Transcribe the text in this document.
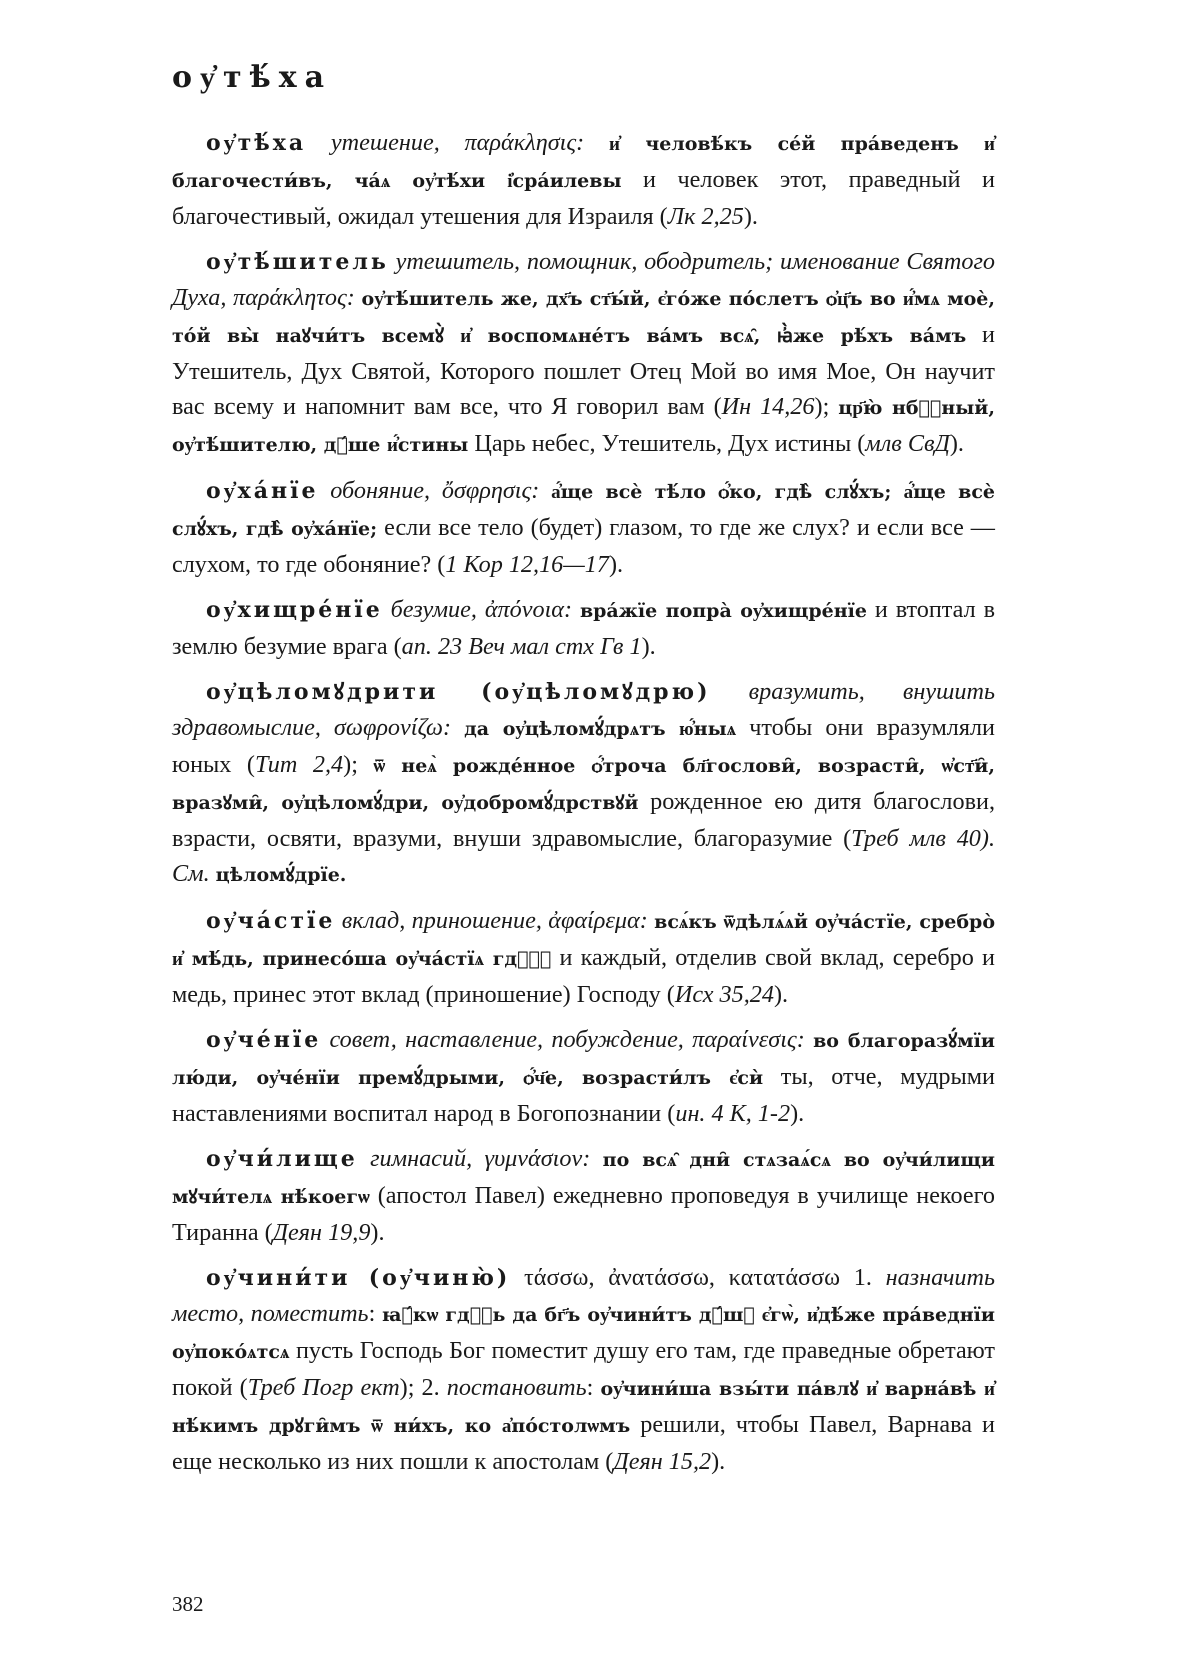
оу҆тѣ́ха

оу҆тѣ́ха утешение, παράκλησις: и҆ человѣ́къ се́й пра́веденъ и҆ благочести́въ, ча́ѧ оу҆тѣ́хи і҆сра́илевы и человек этот, праведный и благочестивый, ожидал утешения для Израиля (Лк 2,25).

оу҆тѣ́шитель утешитель, помощник, ободритель; именование Святого Духа, παράκλητος: оу҆тѣ́шитель же, дх҃ъ ст҃ы́й, є҆го́же по́слетъ ѻ҆ц҃ъ во и҆́мѧ моѐ, то́й вы̀ наꙋчи́тъ всемꙋ̀ и҆ воспомѧне́тъ ва́мъ всѧ̑, ꙗ҆̀же рѣ́хъ ва́мъ и Утешитель, Дух Святой, Которого пошлет Отец Мой во имя Мое, Он научит вас всему и напомнит вам все, что Я говорил вам (Ин 14,26); цр҃ю̀ нбⷭ҇ный, оу҆тѣ́шителю, дꙋ́ше и҆́стины Царь небес, Утешитель, Дух истины (млв СвД).

оу҆ха́нїе обоняние, ὄσφρησις: а҆́ще всѐ тѣ́ло ѻ҆́ко, гдѣ̀ слꙋ́хъ; а҆́ще всѐ слꙋ́хъ, гдѣ̀ оу҆ха́нїе; если все тело (будет) глазом, то где же слух? и если все — слухом, то где обоняние? (1 Кор 12,16—17).

оу҆хищре́нїе безумие, ἀπόνοια: вра́жїе попра̀ оу҆хищре́нїе и втоптал в землю безумие врага (ап. 23 Веч мал стх Гв 1).

оу҆цѣломꙋдрити (оу҆цѣломꙋдрю) вразумить, внушить здравомыслие, σωφρονίζω: да оу҆цѣломꙋ́дрѧтъ ю҆́ныѧ чтобы они вразумляли юных (Тит 2,4); ѿ неѧ̀ рожде́нное ѻ҆́троча бл҃гослови̑, возрасти̑, ѡ҆ст҃и̑, вразꙋми̑, оу҆цѣломꙋ́дри, оу҆добромꙋ́дрствꙋй рожденное ею дитя благослови, взрасти, освяти, вразуми, внуши здравомыслие, благоразумие (Треб млв 40). См. цѣломꙋ́дрїе.

оу҆ча́стїе вклад, приношение, ἀφαίρεμα: всѧ́къ ѿдѣлѧ́ѧй оу҆ча́стїе, сребро̀ и҆ мѣ́дь, принесо́ша оу҆ча́стїѧ гдⷭ҇ꙋ и каждый, отделив свой вклад, серебро и медь, принес этот вклад (приношение) Господу (Исх 35,24).

оу҆че́нїе совет, наставление, побуждение, παραίνεσις: во благоразꙋ́мїи лю́ди, оу҆че́нїи премꙋ́дрыми, ѻ҆́ч҃е, возрасти́лъ є҆сѝ ты, отче, мудрыми наставлениями воспитал народ в Богопознании (ин. 4 К, 1-2).

оу҆чи́лище гимнасий, γυμνάσιον: по всѧ̑ дни̑ стѧзаѧ́сѧ во оу҆чи́лищи мꙋчи́телѧ нѣ́коегѡ (апостол Павел) ежедневно проповедуя в училище некоего Тиранна (Деян 19,9).

оу҆чини́ти (оу҆чиню̀) τάσσω, ἀνατάσσω, κατατάσσω 1. назначить место, поместить: ꙗ҆́кѡ гдⷭ҇ь да бг҃ъ оу҆чини́тъ дꙋ́шꙋ є҆гѡ̀, и҆дѣ́же пра́веднїи оу҆поко́ѧтсѧ пусть Господь Бог поместит душу его там, где праведные обретают покой (Треб Погр ект); 2. постановить: оу҆чини́ша взы́ти па́влꙋ и҆ варна́вѣ и҆ нѣ́кимъ дрꙋги̑мъ ѿ ни́хъ, ко а҆по́столѡмъ решили, чтобы Павел, Варнава и еще несколько из них пошли к апостолам (Деян 15,2).

382
